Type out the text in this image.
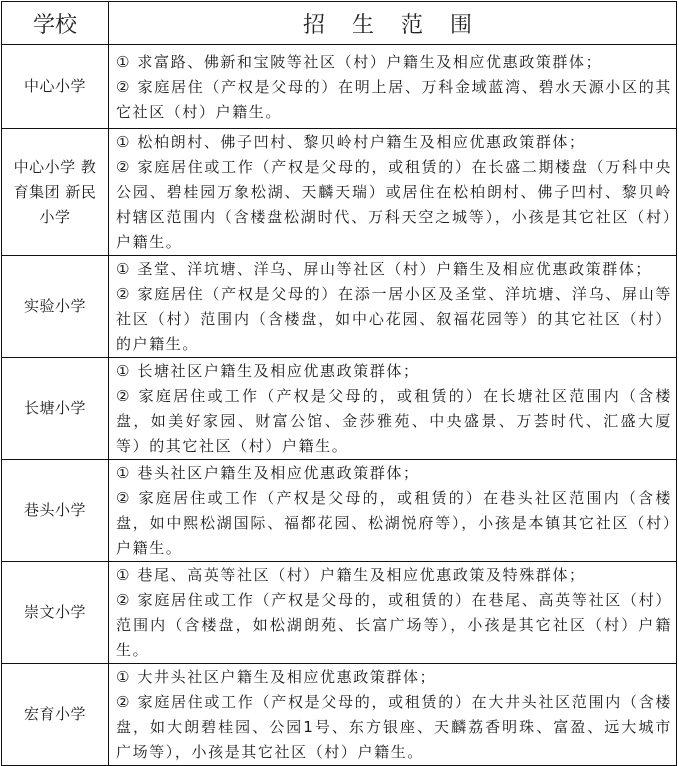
学校	招 生 范 围
中心小学	① 求富路、佛新和宝陂等社区（村）户籍生及相应优惠政策群体；

② 家庭居住（产权是父母的）在明上居、万科金域蓝湾、碧水天源小区的其它社区（村）户籍生。

中心小学 教育集团 新民小学	① 松柏朗村、佛子凹村、黎贝岭村户籍生及相应优惠政策群体；

② 家庭居住或工作（产权是父母的，或租赁的）在长盛二期楼盘（万科中央公园、碧桂园万象松湖、天麟天瑞）或居住在松柏朗村、佛子凹村、黎贝岭村辖区范围内（含楼盘松湖时代、万科天空之城等），小孩是其它社区（村）户籍生。

实验小学	① 圣堂、洋坑塘、洋乌、屏山等社区（村）户籍生及相应优惠政策群体；

② 家庭居住（产权是父母的）在添一居小区及圣堂、洋坑塘、洋乌、屏山等社区（村）范围内（含楼盘，如中心花园、叙福花园等）的其它社区（村）的户籍生。

长塘小学	① 长塘社区户籍生及相应优惠政策群体；

② 家庭居住或工作（产权是父母的，或租赁的）在长塘社区范围内（含楼盘，如美好家园、财富公馆、金莎雅苑、中央盛景、万荟时代、汇盛大厦等）的其它社区（村）户籍生。

巷头小学	① 巷头社区户籍生及相应优惠政策群体；

② 家庭居住或工作（产权是父母的，或租赁的）在巷头社区范围内（含楼盘，如中熙松湖国际、福都花园、松湖悦府等），小孩是本镇其它社区（村）户籍生。

崇文小学	① 巷尾、高英等社区（村）户籍生及相应优惠政策及特殊群体；

② 家庭居住或工作（产权是父母的，或租赁的）在巷尾、高英等社区（村）范围内（含楼盘，如松湖朗苑、长富广场等），小孩是其它社区（村）户籍生。

宏育小学	① 大井头社区户籍生及相应优惠政策群体；

② 家庭居住或工作（产权是父母的，或租赁的）在大井头社区范围内（含楼盘，如大朗碧桂园、公园1号、东方银座、天麟荔香明珠、富盈、远大城市广场等），小孩是其它社区（村）户籍生。
